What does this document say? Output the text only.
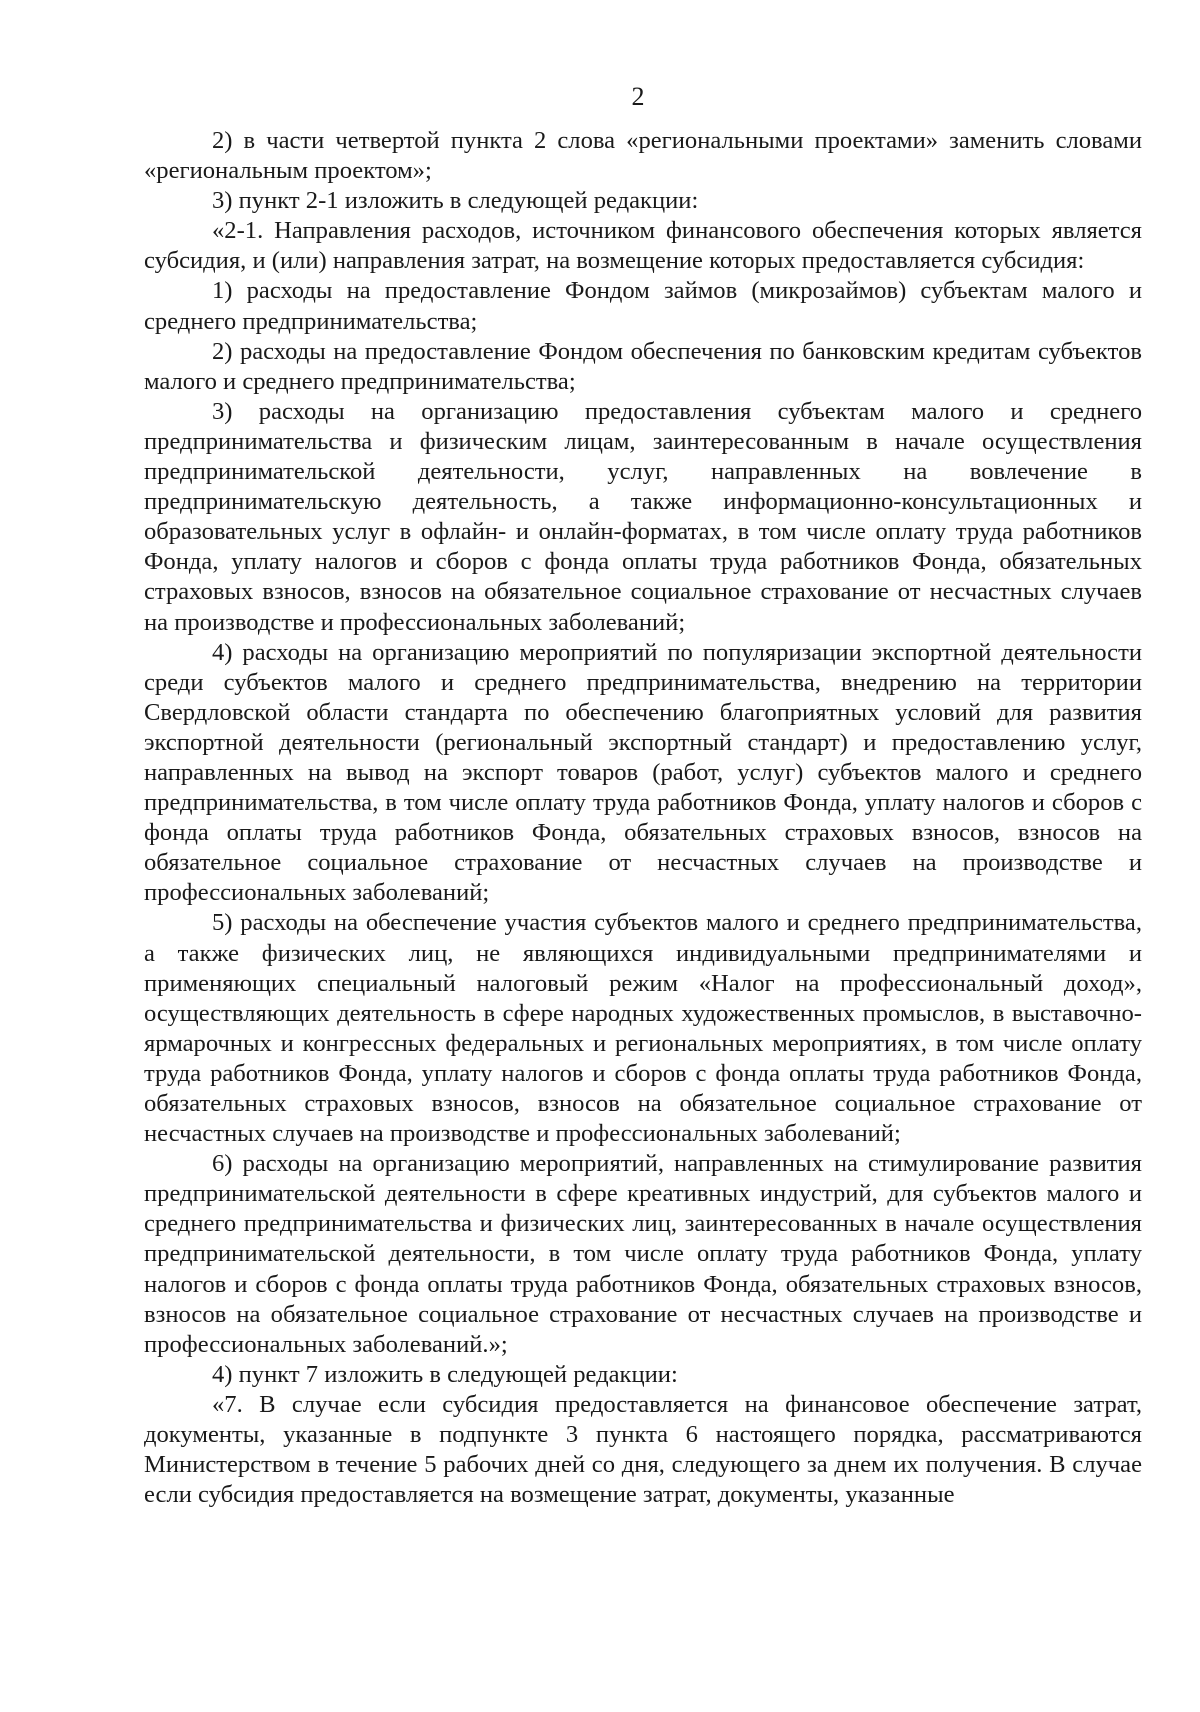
2

2) в части четвертой пункта 2 слова «региональными проектами» заменить словами «региональным проектом»;

3) пункт 2-1 изложить в следующей редакции:

«2-1. Направления расходов, источником финансового обеспечения которых является субсидия, и (или) направления затрат, на возмещение которых предоставляется субсидия:

1) расходы на предоставление Фондом займов (микрозаймов) субъектам малого и среднего предпринимательства;

2) расходы на предоставление Фондом обеспечения по банковским кредитам субъектов малого и среднего предпринимательства;

3) расходы на организацию предоставления субъектам малого и среднего предпринимательства и физическим лицам, заинтересованным в начале осуществления предпринимательской деятельности, услуг, направленных на вовлечение в предпринимательскую деятельность, а также информационно-консультационных и образовательных услуг в офлайн- и онлайн-форматах, в том числе оплату труда работников Фонда, уплату налогов и сборов с фонда оплаты труда работников Фонда, обязательных страховых взносов, взносов на обязательное социальное страхование от несчастных случаев на производстве и профессиональных заболеваний;

4) расходы на организацию мероприятий по популяризации экспортной деятельности среди субъектов малого и среднего предпринимательства, внедрению на территории Свердловской области стандарта по обеспечению благоприятных условий для развития экспортной деятельности (региональный экспортный стандарт) и предоставлению услуг, направленных на вывод на экспорт товаров (работ, услуг) субъектов малого и среднего предпринимательства, в том числе оплату труда работников Фонда, уплату налогов и сборов с фонда оплаты труда работников Фонда, обязательных страховых взносов, взносов на обязательное социальное страхование от несчастных случаев на производстве и профессиональных заболеваний;

5) расходы на обеспечение участия субъектов малого и среднего предпринимательства, а также физических лиц, не являющихся индивидуальными предпринимателями и применяющих специальный налоговый режим «Налог на профессиональный доход», осуществляющих деятельность в сфере народных художественных промыслов, в выставочно-ярмарочных и конгрессных федеральных и региональных мероприятиях, в том числе оплату труда работников Фонда, уплату налогов и сборов с фонда оплаты труда работников Фонда, обязательных страховых взносов, взносов на обязательное социальное страхование от несчастных случаев на производстве и профессиональных заболеваний;

6) расходы на организацию мероприятий, направленных на стимулирование развития предпринимательской деятельности в сфере креативных индустрий, для субъектов малого и среднего предпринимательства и физических лиц, заинтересованных в начале осуществления предпринимательской деятельности, в том числе оплату труда работников Фонда, уплату налогов и сборов с фонда оплаты труда работников Фонда, обязательных страховых взносов, взносов на обязательное социальное страхование от несчастных случаев на производстве и профессиональных заболеваний.»;

4) пункт 7 изложить в следующей редакции:

«7. В случае если субсидия предоставляется на финансовое обеспечение затрат, документы, указанные в подпункте 3 пункта 6 настоящего порядка, рассматриваются Министерством в течение 5 рабочих дней со дня, следующего за днем их получения. В случае если субсидия предоставляется на возмещение затрат, документы, указанные
